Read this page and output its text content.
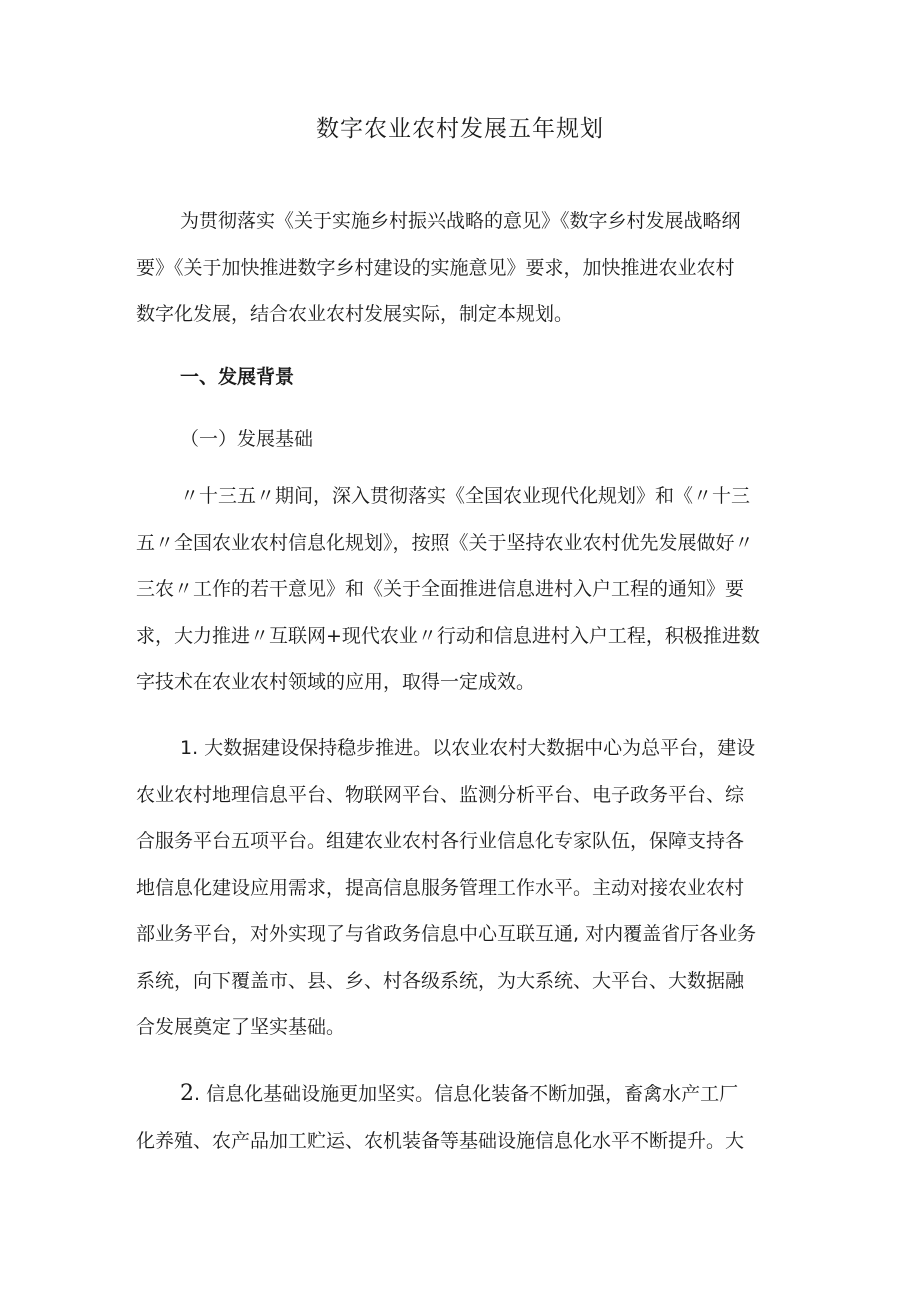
数字农业农村发展五年规划
为贯彻落实《关于实施乡村振兴战略的意见》《数字乡村发展战略纲
要》《关于加快推进数字乡村建设的实施意见》要求，加快推进农业农村
数字化发展，结合农业农村发展实际，制定本规划。
一、发展背景
（一）发展基础
〃十三五〃期间，深入贯彻落实《全国农业现代化规划》和《〃十三
五〃全国农业农村信息化规划》，按照《关于坚持农业农村优先发展做好〃
三农〃工作的若干意见》和《关于全面推进信息进村入户工程的通知》要
求，大力推进〃互联网+现代农业〃行动和信息进村入户工程，积极推进数
字技术在农业农村领域的应用，取得一定成效。
1. 大数据建设保持稳步推进。以农业农村大数据中心为总平台，建设
农业农村地理信息平台、物联网平台、监测分析平台、电子政务平台、综
合服务平台五项平台。组建农业农村各行业信息化专家队伍，保障支持各
地信息化建设应用需求，提高信息服务管理工作水平。主动对接农业农村
部业务平台，对外实现了与省政务信息中心互联互通, 对内覆盖省厅各业务
系统，向下覆盖市、县、乡、村各级系统，为大系统、大平台、大数据融
合发展奠定了坚实基础。
2. 信息化基础设施更加坚实。信息化装备不断加强，畜禽水产工厂
化养殖、农产品加工贮运、农机装备等基础设施信息化水平不断提升。大
